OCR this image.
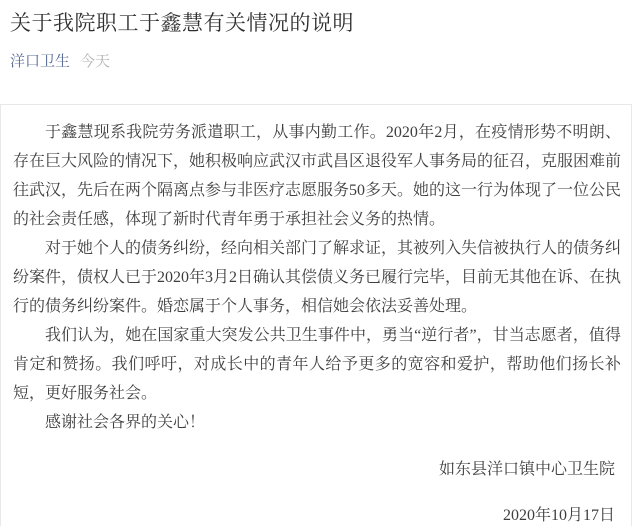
关于我院职工于鑫慧有关情况的说明
洋口卫生 今天

于鑫慧现系我院劳务派遣职工，从事内勤工作。2020年2月，在疫情形势不明朗、存在巨大风险的情况下，她积极响应武汉市武昌区退役军人事务局的征召，克服困难前往武汉，先后在两个隔离点参与非医疗志愿服务50多天。她的这一行为体现了一位公民的社会责任感，体现了新时代青年勇于承担社会义务的热情。

对于她个人的债务纠纷，经向相关部门了解求证，其被列入失信被执行人的债务纠纷案件，债权人已于2020年3月2日确认其偿债义务已履行完毕，目前无其他在诉、在执行的债务纠纷案件。婚恋属于个人事务，相信她会依法妥善处理。

我们认为，她在国家重大突发公共卫生事件中，勇当“逆行者”，甘当志愿者，值得肯定和赞扬。我们呼吁，对成长中的青年人给予更多的宽容和爱护，帮助他们扬长补短，更好服务社会。

感谢社会各界的关心！

如东县洋口镇中心卫生院
2020年10月17日
